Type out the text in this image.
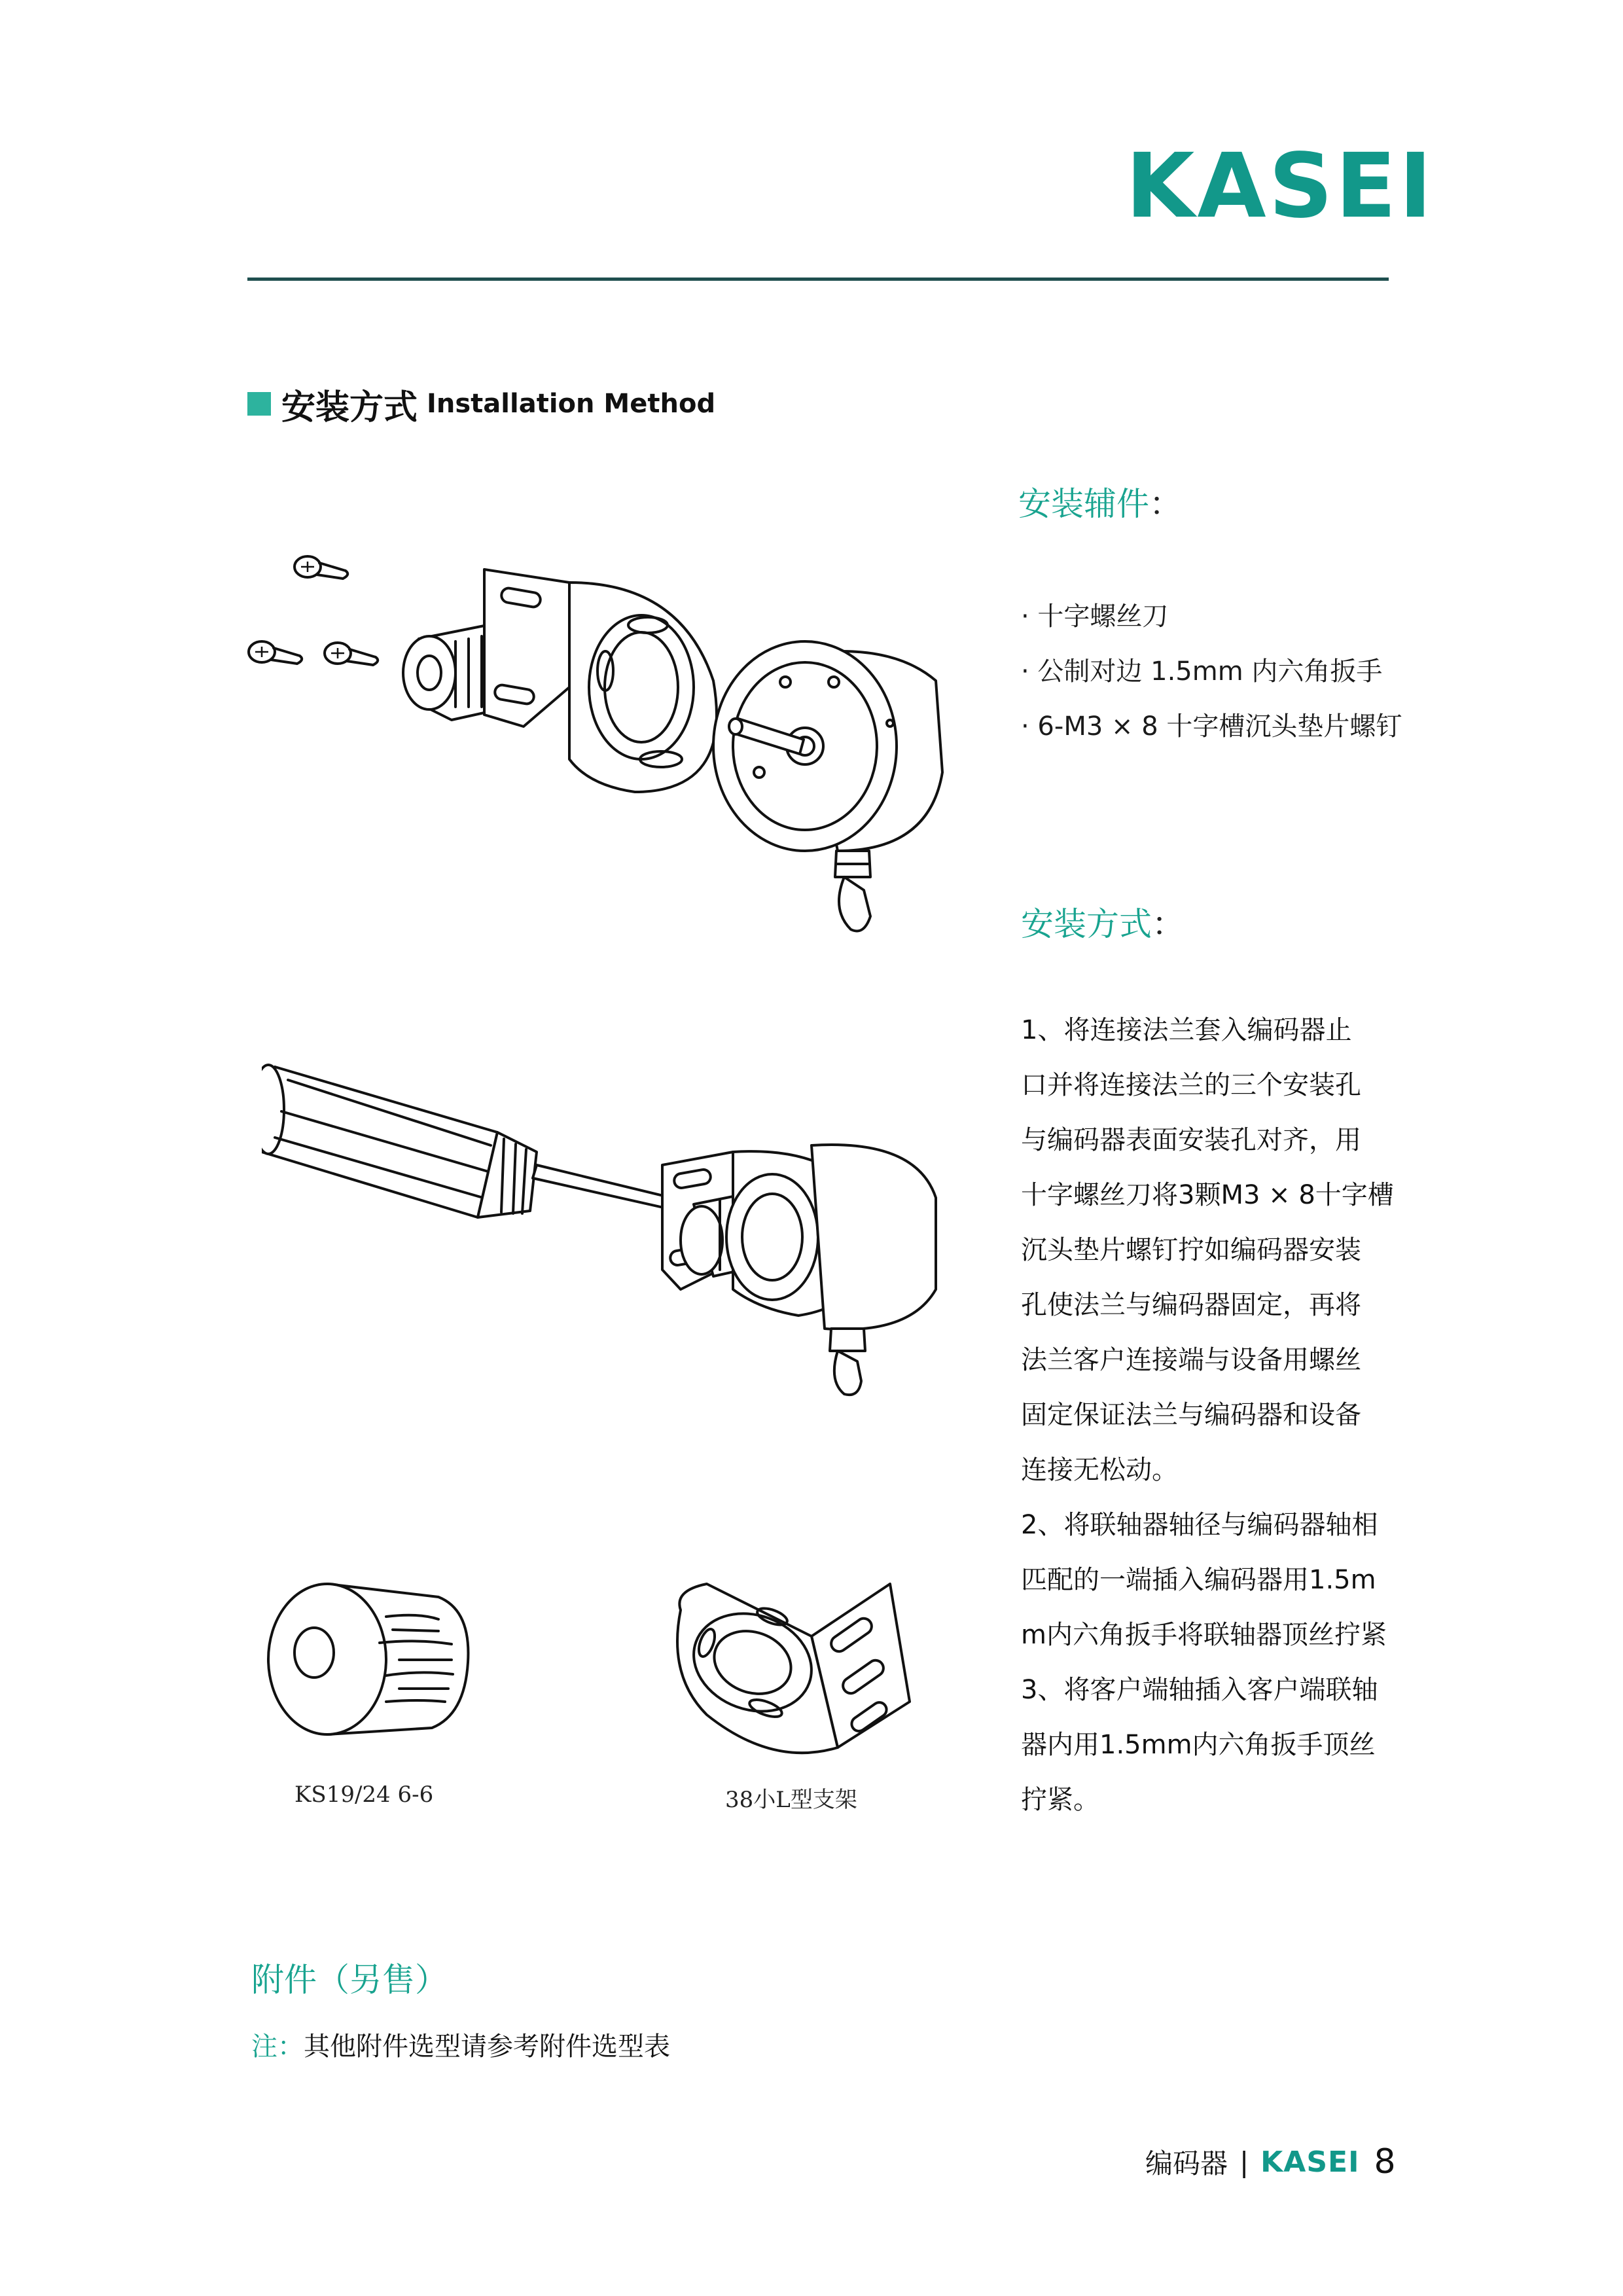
KASEI
安装方式 Installation Method
安装辅件：
· 十字螺丝刀
· 公制对边 1.5mm 内六角扳手
· 6-M3 × 8 十字槽沉头垫片螺钉
安装方式：
1、将连接法兰套入编码器止
口并将连接法兰的三个安装孔
与编码器表面安装孔对齐，用
十字螺丝刀将3颗M3 × 8十字槽
沉头垫片螺钉拧如编码器安装
孔使法兰与编码器固定，再将
法兰客户连接端与设备用螺丝
固定保证法兰与编码器和设备
连接无松动。
2、将联轴器轴径与编码器轴相
匹配的一端插入编码器用1.5m
m内六角扳手将联轴器顶丝拧紧
3、将客户端轴插入客户端联轴
器内用1.5mm内六角扳手顶丝
拧紧。
KS19/24 6-6	38小L型支架
附件（另售）
注：其他附件选型请参考附件选型表
编码器 | KASEI 8
